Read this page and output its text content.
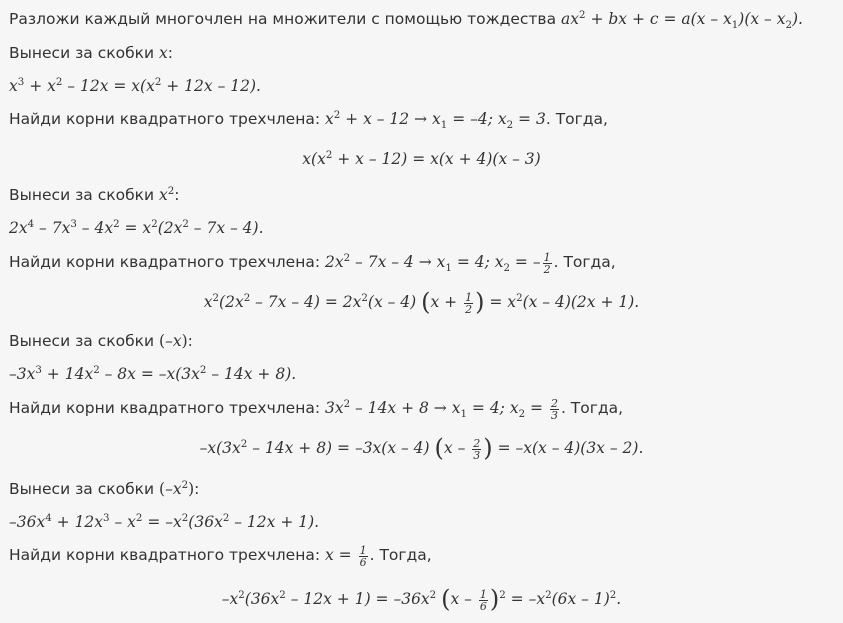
Разложи каждый многочлен на множители с помощью тождества $ax^2$ + bx + $c = a(x - x_1)(x - x_2)$.
Вынеси за скобки x:
$x^3 + x^2 - 12x = x(x^2 + 12x - 12)$.
Найди корни квадратного трехчлена: $x^2 + x - 12 \to x_1 = -4$; $x_2 = 3$. Тогда,
$x(x^2 + x - 12) = x(x + 4)(x - 3)$
Вынеси за скобки $x^2$:
$2x^4 - 7x^3 - 4x^2 = x^2(2x^2 - 7x - 4)$.
Найди корни квадратного трехчлена: $2x^2 - 7x - 4 \to x_1 = 4$; $x_2$ = – $\frac{1}{2}$ . Тогда,
$x^2(2x^2 - 7x - 4) = 2x^2(x - 4) (x + \frac{1}{2}$ ) = $x^2(x - 4)(2x + 1)$.
Вынеси за скобки (–x):
$-3x^3 + 14x^2 - 8x = -x(3x^2 - 14x + 8)$.
Найди корни квадратного трехчлена: $3x^2 - 14x + 8 \to x_1 = 4$; $x_2 = \frac{2}{3}$ . Тогда,
$-x(3x^2 - 14x + 8) = -3x(x - 4)$ ($x - \frac{2}{3}$ ) = –x(x – 4)(3x – 2).
Вынеси за скобки $(-x^2)$:
$-36x^4 + 12x^3 - x^2 = -x^2(36x^2 - 12x + 1)$.
Найди корни квадратного трехчлена: $x = \frac{1}{6}$ . Тогда,
$-x^2(36x^2 - 12x + 1) = -36x^2$ $(x - \frac{1}{6} )^2 = -x^2(6x - 1)^2$.
